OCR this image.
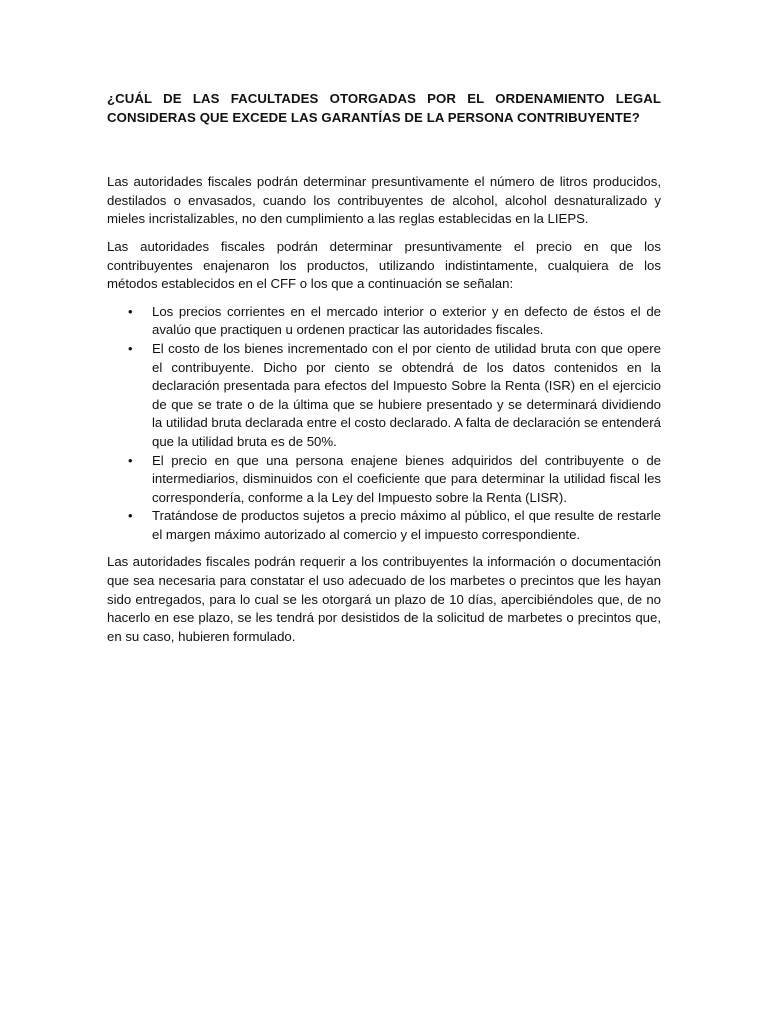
¿CUÁL DE LAS FACULTADES OTORGADAS POR EL ORDENAMIENTO LEGAL CONSIDERAS QUE EXCEDE LAS GARANTÍAS DE LA PERSONA CONTRIBUYENTE?

Las autoridades fiscales podrán determinar presuntivamente el número de litros producidos, destilados o envasados, cuando los contribuyentes de alcohol, alcohol desnaturalizado y mieles incristalizables, no den cumplimiento a las reglas establecidas en la LIEPS.

Las autoridades fiscales podrán determinar presuntivamente el precio en que los contribuyentes enajenaron los productos, utilizando indistintamente, cualquiera de los métodos establecidos en el CFF o los que a continuación se señalan:

• Los precios corrientes en el mercado interior o exterior y en defecto de éstos el de avalúo que practiquen u ordenen practicar las autoridades fiscales.
• El costo de los bienes incrementado con el por ciento de utilidad bruta con que opere el contribuyente. Dicho por ciento se obtendrá de los datos contenidos en la declaración presentada para efectos del Impuesto Sobre la Renta (ISR) en el ejercicio de que se trate o de la última que se hubiere presentado y se determinará dividiendo la utilidad bruta declarada entre el costo declarado. A falta de declaración se entenderá que la utilidad bruta es de 50%.
• El precio en que una persona enajene bienes adquiridos del contribuyente o de intermediarios, disminuidos con el coeficiente que para determinar la utilidad fiscal les correspondería, conforme a la Ley del Impuesto sobre la Renta (LISR).
• Tratándose de productos sujetos a precio máximo al público, el que resulte de restarle el margen máximo autorizado al comercio y el impuesto correspondiente.

Las autoridades fiscales podrán requerir a los contribuyentes la información o documentación que sea necesaria para constatar el uso adecuado de los marbetes o precintos que les hayan sido entregados, para lo cual se les otorgará un plazo de 10 días, apercibiéndoles que, de no hacerlo en ese plazo, se les tendrá por desistidos de la solicitud de marbetes o precintos que, en su caso, hubieren formulado.
